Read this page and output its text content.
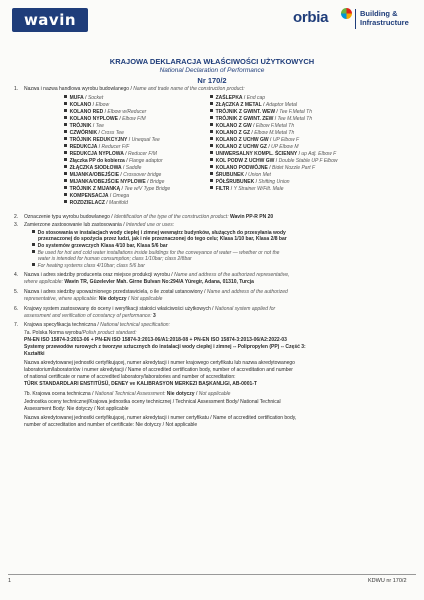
wavin	orbia	Building &
Infrastructure
KRAJOWA DEKLARACJA WŁAŚCIWOŚCI UŻYTKOWYCH
National Declaration of Performance
Nr 170/2
1. Nazwa i nazwa handlowa wyrobu budowlanego / Name and trade name of the construction product:
MUFA / Socket
KOLANO / Elbow
KOLANO RED / Elbow w/Reducer
KOLANO NYPLOWE / Elbow F/M
TRÓJNIK / Tee
CZWÓRNIK / Cross Tee
TRÓJNIK REDUKCYJNY / Unequal Tee
REDUKCJA / Reducer F/F
REDUKCJA NYPLOWA / Reducer F/M
Złączka PP do kobierza / Flange adaptor
ZŁĄCZKA SIODŁOWA / Saddle
MIJANKA/OBEJŚCIE / Crossover bridge
MIJANKA/OBEJŚCIE NYPLOWE / Bridge
TRÓJNIK Z MIJANKĄ / Tee w/V Type Bridge
KOMPENSACJA / Omega
ROZDZIELACZ / Manifold
ZAŚLEPKA / End cap
ZŁĄCZKA Z METAL / Adaptor Metal
TRÓJNIK Z GWINT. WEW / Tee F.Metal Th
TRÓJNIK Z GWINT. ZEW / Tee M.Metal Th
KOLANO Z GW / Elbow F.Metal Th
KOLANO Z GZ / Elbow M.Metal Th
KOLANO Z UCHW GW / UP Elbow F
KOLANO Z UCHW GZ / UP Elbow M
UNIWERSALNY KOMPL. ŚCIENNY / up Adj. Elbow F
KOL PODW Z UCHW GW / Double Stable UP F Elbow
KOLANO PODWÓJNE / Bidet Nozzle Part F
ŚRUBUNEK / Union Met
PÓŁŚRUBUNEK / Shifting Union
FILTR / Y Strainer W/Filt. Male
2. Oznaczenie typu wyrobu budowlanego / Identification of the type of the construction product: Wavin PP-R PN 20
3. Zamierzone zastosowanie lub zastosowania / Intended use or uses:
Do stosowania w instalacjach wody ciepłej i zimnej wewnątrz budynków, służących do przesyłania wody
przeznaczonej do spożycia przez ludzi, jak i nie przeznaczonej do tego celu; Klasa 1/10 bar, Klasa 2/8 bar
Do systemów grzewczych Klasa 4/10 bar, Klasa 5/6 bar
Be used for hot and cold water installations inside buildings for the conveyance of water — whether or not the
water is intended for human consumption; class 1/10bar; class 2/8bar
For heating systems class 4/10bar; class 5/6 bar
4. Nazwa i adres siedziby producenta oraz miejsce produkcji wyrobu / Name and address of the authorized representative,
where applicable: Wavin TR, Güzelevler Mah. Girne Bulvarı No:294/A Yüregir, Adana, 01310, Turcja
5. Nazwa i adres siedziby upoważnionego przedstawiciela, o ile został ustanowiony / Name and address of the authorized
representative, where applicable: Nie dotyczy / Not applicable
6. Krajowy system zastosowany do oceny i weryfikacji stałości właściwości użytkowych / National system applied for
assessment and verification of constancy of performance: 3
7. Krajowa specyfikacja techniczna / National technical specification:
7a. Polska Norma wyrobu/Polish product standard:
PN-EN ISO 15874-3:2013-06 + PN-EN ISO 15874-3:2013-06/A1:2018-08 + PN-EN ISO 15874-3:2013-06/A2:2022-03
Systemy przewodów rurowych z tworzyw sztucznych do instalacji wody ciepłej i zimnej -- Polipropylen (PP) -- Część 3:
Kształtki
Nazwa akredytowanej jednostki certyfikującej, numer akredytacji i numer krajowego certyfikatu lub nazwa akredytowanego
laboratorium/laboratoriów i numer akredytacji / Name of accredited certification body, number of accreditation and number
of national certificate or name of accredited laboratory/laboratories and number of accreditation:
TÜRK STANDARDLARI ENSTITÜSÜ, DENEY ve KALIBRASYON MERKEZI BAŞKANLIGI, AB-0001-T
7b. Krajowa ocena techniczna / National Technical Assessment: Nie dotyczy / Not applicable
Jednostka oceny technicznej/Krajowa jednostka oceny technicznej / Technical Assessment Body/ National Technical
Assessment Body: Nie dotyczy / Not applicable
Nazwa akredytowanej jednostki certyfikującej, numer akredytacji i numer certyfikatu / Name of accredited certification body,
number of accreditation and number of certificate: Nie dotyczy / Not applicable
1	KDWU nr 170/2
